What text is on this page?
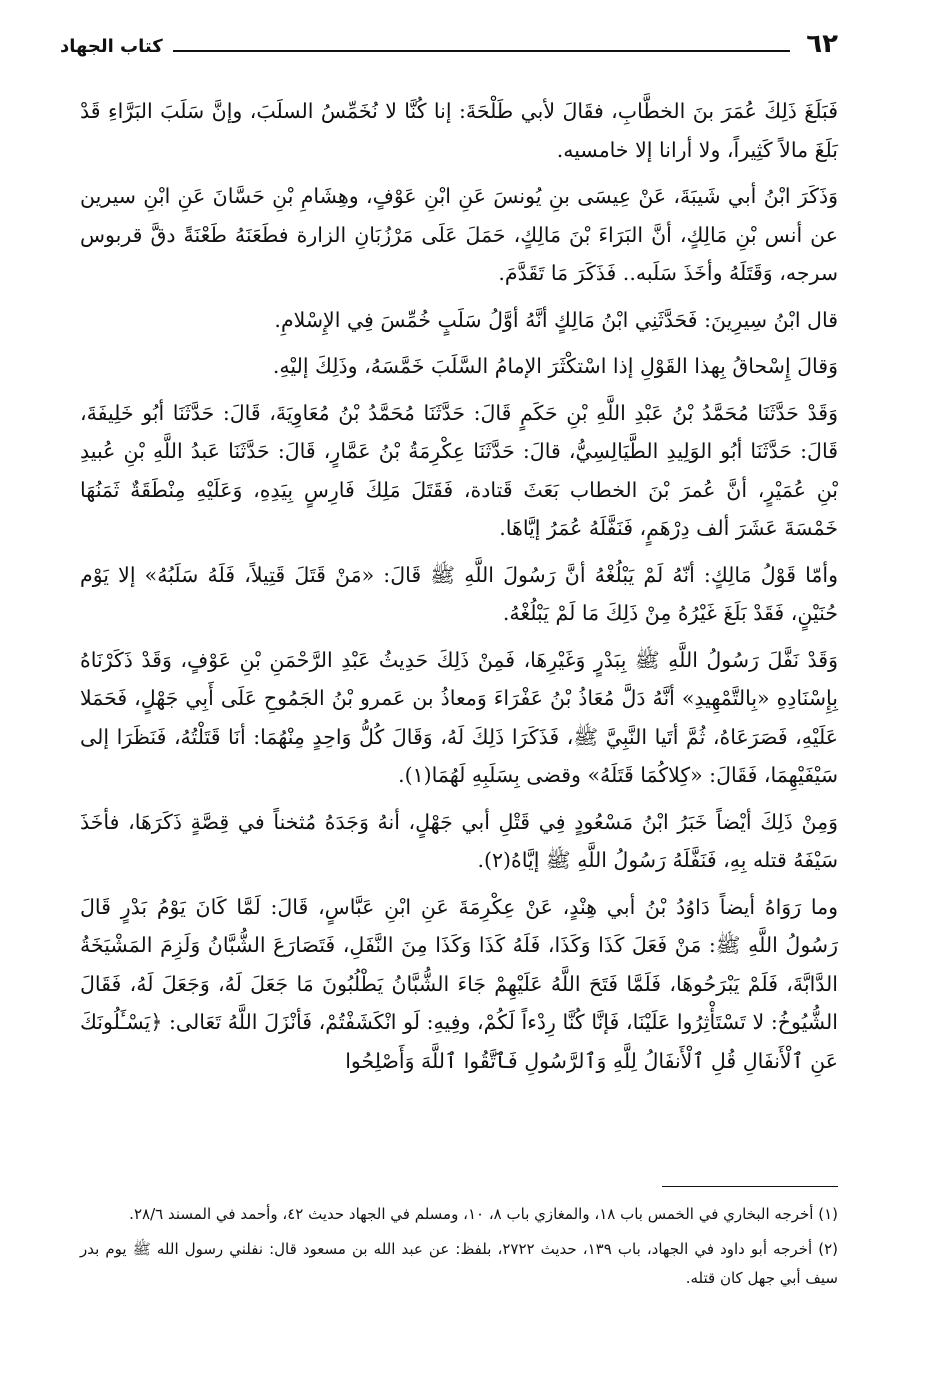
٦٢
كتاب الجهاد

فَبَلَغَ ذَلِكَ عُمَرَ بنَ الخطَّابِ، فقَالَ لأبي طَلْحَةَ: إنا كُنَّا لا نُخَمِّسُ السلَبَ، وإنَّ سَلَبَ البَرَّاءِ قَدْ بَلَغَ مالاً كَثِيراً، ولا أرانا إلا خامسيه.

وَذَكَرَ ابْنُ أبي شَيبَةَ، عَنْ عِيسَى بنِ يُونسَ عَنِ ابْنِ عَوْفٍ، وهِشَامِ بْنِ حَسَّانَ عَنِ ابْنِ سيرين عن أنس بْنِ مَالِكٍ، أنَّ البَرَاءَ بْنَ مَالِكٍ، حَمَلَ عَلَى مَرْزُبَانِ الزارة فطَعَنَهُ طَعْنَةً دقَّ قربوس سرجه، وَقَتَلَهُ وأخَذَ سَلَبه.. فَذَكَرَ مَا تَقَدَّمَ.

قال ابْنُ سِيرِينَ: فَحَدَّثَنِي ابْنُ مَالِكٍ أنَّهُ أوَّلُ سَلَبٍ خُمِّسَ فِي الإِسْلامِ.

وَقالَ إِسْحاقُ بِهذا القَوْلِ إذا اسْتكْثَرَ الإمامُ السَّلَبَ خَمَّسَهُ، وذَلِكَ إليْهِ.

وَقَدْ حَدَّثَنَا مُحَمَّدُ بْنُ عَبْدِ اللَّهِ بْنِ حَكَمٍ قَالَ: حَدَّثَنَا مُحَمَّدُ بْنُ مُعَاوِيَةَ، قَالَ: حَدَّثَنَا أبُو خَلِيفَةَ، قَالَ: حَدَّثَنَا أبُو الوَلِيدِ الطَّيَالِسِيُّ، قالَ: حَدَّثَنَا عِكْرِمَةُ بْنُ عَمَّارٍ، قَالَ: حَدَّثَنَا عَبدُ اللَّهِ بْنِ عُبيدِ بْنِ عُمَيْرٍ، أنَّ عُمرَ بْنَ الخطاب بَعَثَ قَتادة، فَقَتَلَ مَلِكَ فَارِسٍ بِيَدِهِ، وَعَلَيْهِ مِنْطَقَةٌ ثَمَنُهَا خَمْسَةَ عَشَرَ ألف دِرْهَمٍ، فَنَفَّلَهُ عُمَرُ إيَّاهَا.

وأمّا قَوْلُ مَالِكٍ: أنّهُ لَمْ يَبْلُغْهُ أنَّ رَسُولَ اللَّهِ ﷺ قَالَ: «مَنْ قَتَلَ قَتِيلاً، فَلَهُ سَلَبُهُ» إلا يَوْم حُنَيْنٍ، فَقَدْ بَلَغَ غَيْرُهُ مِنْ ذَلِكَ مَا لَمْ يَبْلُغْهُ.

وَقَدْ نَفَّلَ رَسُولُ اللَّهِ ﷺ بِبَدْرٍ وَغَيْرِهَا، فَمِنْ ذَلِكَ حَدِيثُ عَبْدِ الرَّحْمَنِ بْنِ عَوْفٍ، وَقَدْ ذَكَرْنَاهُ بِإِسْنَادِهِ «بِالتَّمْهِيدِ» أنَّهُ دَلَّ مُعَاذُ بْنُ عَفْرَاءَ وَمعاذُ بن عَمرو بْنُ الجَمُوحِ عَلَى أَبِي جَهْلٍ، فَحَمَلا عَلَيْهِ، فَصَرَعَاهُ، ثُمَّ أتَيا النَّبِيَّ ﷺ، فَذَكَرَا ذَلِكَ لَهُ، وَقَالَ كُلُّ وَاحِدٍ مِنْهُمَا: أنَا قَتَلْتُهُ، فَنَظَرَا إلى سَيْفَيْهِمَا، فَقَالَ: «كِلاكُمَا قَتَلَهُ» وقضى بِسَلَبِهِ لَهُمَا(١).

وَمِنْ ذَلِكَ أيْضاً خَبَرُ ابْنُ مَسْعُودٍ فِي قَتْلِ أبي جَهْلٍ، أنهُ وَجَدَهُ مُثخناً في قِصَّةٍ ذَكَرَهَا، فأخَذَ سَيْفَهُ قتله بِهِ، فَنَفَّلَهُ رَسُولُ اللَّهِ ﷺ إيَّاهُ(٢).

وما رَوَاهُ أيضاً دَاوُدُ بْنُ أبي هِنْدٍ، عَنْ عِكْرِمَةَ عَنِ ابْنِ عَبَّاسٍ، قَالَ: لَمَّا كَانَ يَوْمُ بَدْرٍ قَالَ رَسُولُ اللَّهِ ﷺ: مَنْ فَعَلَ كَذَا وَكَذَا، فَلَهُ كَذَا وَكَذَا مِنَ النَّفَلِ، فَتَصَارَعَ الشُّبَّانُ وَلَزِمَ المَشْيَخَةُ الدَّابَّةَ، فَلَمْ يَبْرَحُوهَا، فَلَمَّا فَتَحَ اللَّهُ عَلَيْهِمْ جَاءَ الشُّبَّانُ يَطْلُبُونَ مَا جَعَلَ لَهُ، وَجَعَلَ لَهُ، فَقَالَ الشُّيُوخُ: لا تَسْتَأْثِرُوا عَلَيْنَا، فَإنَّا كُنَّا رِدْءاً لَكُمْ، وفِيهِ: لَو انْكَشَفْتُمْ، فَأنْزَلَ اللَّهُ تَعَالى: ﴿يَسْـَٔلُونَكَ عَنِ ٱلْأَنفَالِ قُلِ ٱلْأَنفَالُ لِلَّهِ وَٱلرَّسُولِ فَٱتَّقُوا ٱللَّهَ وَأَصْلِحُوا

(١) أخرجه البخاري في الخمس باب ١٨، والمغازي باب ٨، ١٠، ومسلم في الجهاد حديث ٤٢، وأحمد في المسند ٢٨/٦.

(٢) أخرجه أبو داود في الجهاد، باب ١٣٩، حديث ٢٧٢٢، بلفظ: عن عبد الله بن مسعود قال: نفلني رسول الله ﷺ يوم بدر سيف أبي جهل كان قتله.
